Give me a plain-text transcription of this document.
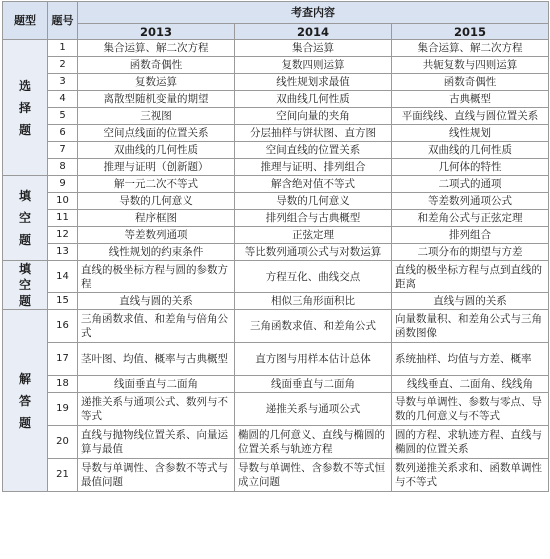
题型	题号	考查内容		
		2013	2014	2015
选择题	1	集合运算、解二次方程	集合运算	集合运算、解二次方程
	2	函数奇偶性	复数四则运算	共轭复数与四则运算
	3	复数运算	线性规划求最值	函数奇偶性
	4	离散型随机变量的期望	双曲线几何性质	古典概型
	5	三视图	空间向量的夹角	平面线线、直线与圆位置关系
	6	空间点线面的位置关系	分层抽样与饼状图、直方图	线性规划
	7	双曲线的几何性质	空间直线的位置关系	双曲线的几何性质
	8	推理与证明（创新题）	推理与证明、排列组合	几何体的特性
填空题	9	解一元二次不等式	解含绝对值不等式	二项式的通项
	10	导数的几何意义	导数的几何意义	等差数列通项公式
	11	程序框图	排列组合与古典概型	和差角公式与正弦定理
	12	等差数列通项	正弦定理	排列组合
	13	线性规划的约束条件	等比数列通项公式与对数运算	二项分布的期望与方差
填空题	14	直线的极坐标方程与圆的参数方程	方程互化、曲线交点	直线的极坐标方程与点到直线的距离
	15	直线与圆的关系	相似三角形面积比	直线与圆的关系
解答题	16	三角函数求值、和差角与倍角公式	三角函数求值、和差角公式	向量数量积、和差角公式与三角函数图像
	17	茎叶图、均值、概率与古典概型	直方图与用样本估计总体	系统抽样、均值与方差、概率
	18	线面垂直与二面角	线面垂直与二面角	线线垂直、二面角、线线角
	19	递推关系与通项公式、数列与不等式	递推关系与通项公式	导数与单调性、参数与零点、导数的几何意义与不等式
	20	直线与抛物线位置关系、向量运算与最值	椭圆的几何意义、直线与椭圆的位置关系与轨迹方程	圆的方程、求轨迹方程、直线与椭圆的位置关系
	21	导数与单调性、含参数不等式与最值问题	导数与单调性、含参数不等式恒成立问题	数列递推关系求和、函数单调性与不等式
